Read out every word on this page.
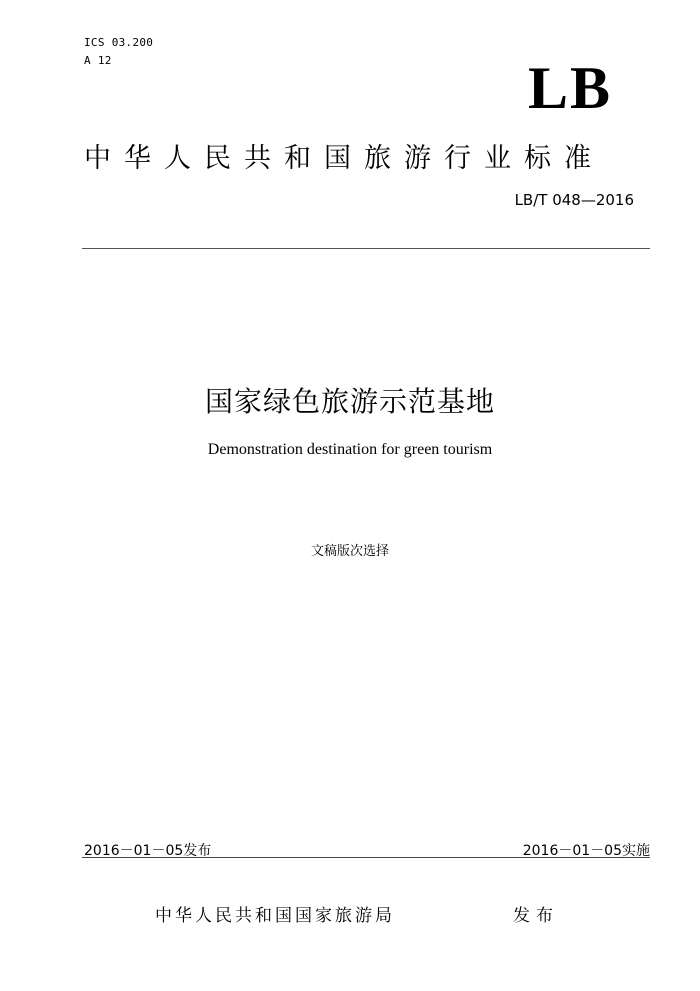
ICS 03.200
A 12	LB
中华人民共和国旅游行业标准
LB/T 048—2016
国家绿色旅游示范基地
Demonstration destination for green tourism
文稿版次选择
2016－01－05发布	2016－01－05实施
中华人民共和国国家旅游局	发布
